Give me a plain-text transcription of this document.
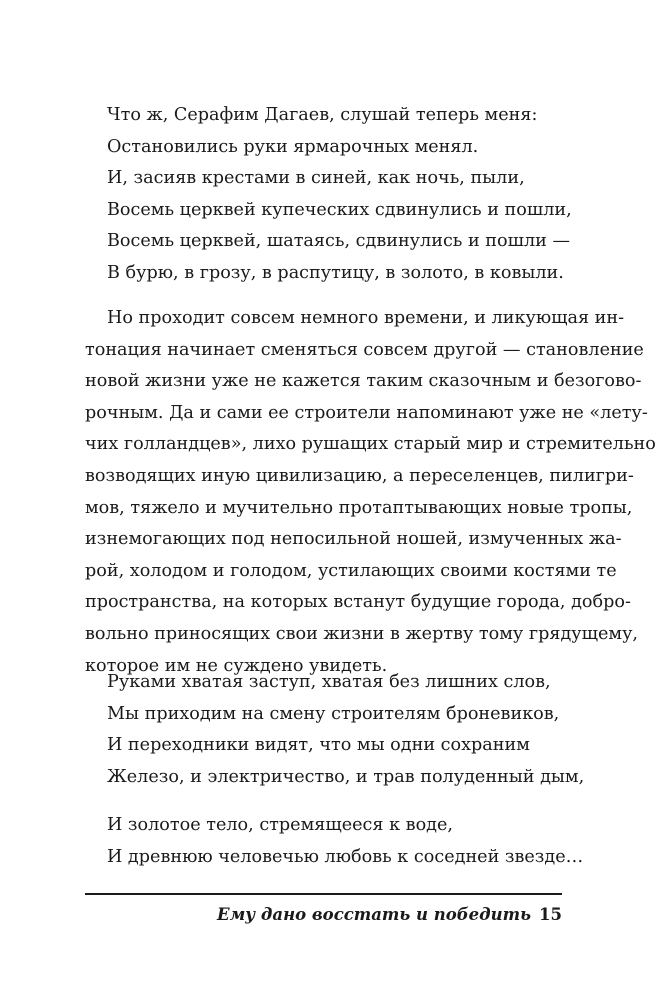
Что ж, Серафим Дагаев, слушай теперь меня:
Остановились руки ярмарочных менял.
И, засияв крестами в синей, как ночь, пыли,
Восемь церквей купеческих сдвинулись и пошли,
Восемь церквей, шатаясь, сдвинулись и пошли —
В бурю, в грозу, в распутицу, в золото, в ковыли.
Но проходит совсем немного времени, и ликующая ин-
тонация начинает сменяться совсем другой — становление
новой жизни уже не кажется таким сказочным и безогово-
рочным. Да и сами ее строители напоминают уже не «лету-
чих голландцев», лихо рушащих старый мир и стремительно
возводящих иную цивилизацию, а переселенцев, пилигри-
мов, тяжело и мучительно протаптывающих новые тропы,
изнемогающих под непосильной ношей, измученных жа-
рой, холодом и голодом, устилающих своими костями те
пространства, на которых встанут будущие города, добро-
вольно приносящих свои жизни в жертву тому грядущему,
которое им не суждено увидеть.
Руками хватая заступ, хватая без лишних слов,
Мы приходим на смену строителям броневиков,
И переходники видят, что мы одни сохраним
Железо, и электричество, и трав полуденный дым,
И золотое тело, стремящееся к воде,
И древнюю человечью любовь к соседней звезде…
Ему дано восстать и победить 15
